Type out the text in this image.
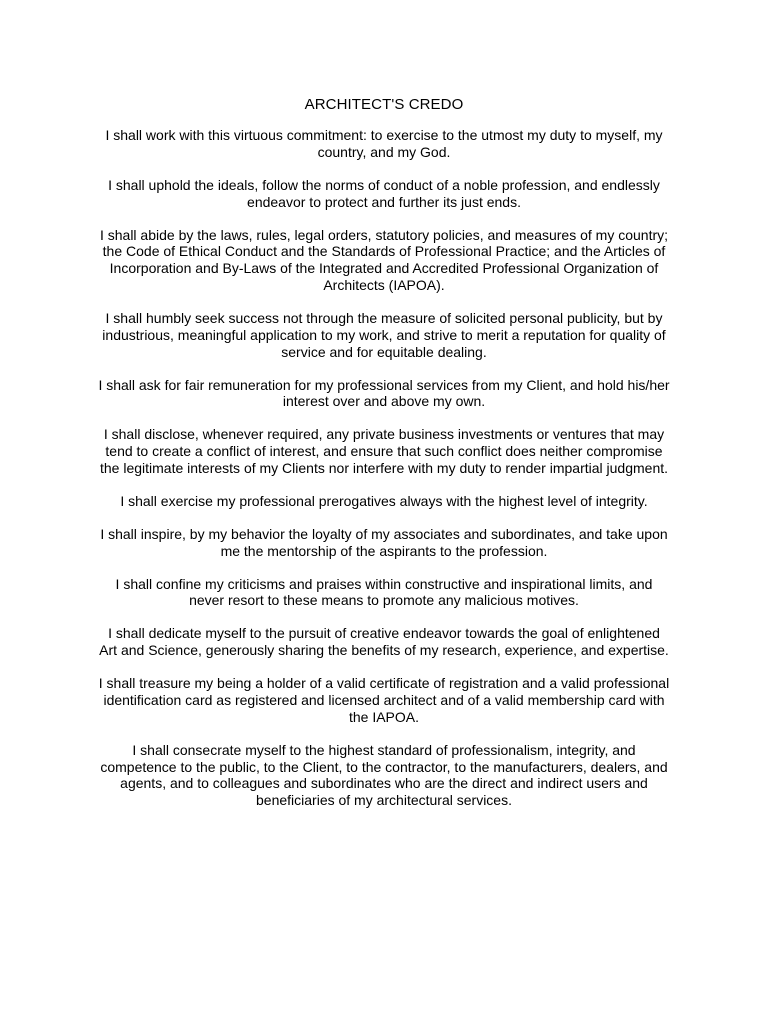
ARCHITECT'S CREDO

I shall work with this virtuous commitment: to exercise to the utmost my duty to myself, my country, and my God.

I shall uphold the ideals, follow the norms of conduct of a noble profession, and endlessly endeavor to protect and further its just ends.

I shall abide by the laws, rules, legal orders, statutory policies, and measures of my country; the Code of Ethical Conduct and the Standards of Professional Practice; and the Articles of Incorporation and By-Laws of the Integrated and Accredited Professional Organization of Architects (IAPOA).

I shall humbly seek success not through the measure of solicited personal publicity, but by industrious, meaningful application to my work, and strive to merit a reputation for quality of service and for equitable dealing.

I shall ask for fair remuneration for my professional services from my Client, and hold his/her interest over and above my own.

I shall disclose, whenever required, any private business investments or ventures that may tend to create a conflict of interest, and ensure that such conflict does neither compromise the legitimate interests of my Clients nor interfere with my duty to render impartial judgment.

I shall exercise my professional prerogatives always with the highest level of integrity.

I shall inspire, by my behavior the loyalty of my associates and subordinates, and take upon me the mentorship of the aspirants to the profession.

I shall confine my criticisms and praises within constructive and inspirational limits, and never resort to these means to promote any malicious motives.

I shall dedicate myself to the pursuit of creative endeavor towards the goal of enlightened Art and Science, generously sharing the benefits of my research, experience, and expertise.

I shall treasure my being a holder of a valid certificate of registration and a valid professional identification card as registered and licensed architect and of a valid membership card with the IAPOA.

I shall consecrate myself to the highest standard of professionalism, integrity, and competence to the public, to the Client, to the contractor, to the manufacturers, dealers, and agents, and to colleagues and subordinates who are the direct and indirect users and beneficiaries of my architectural services.
